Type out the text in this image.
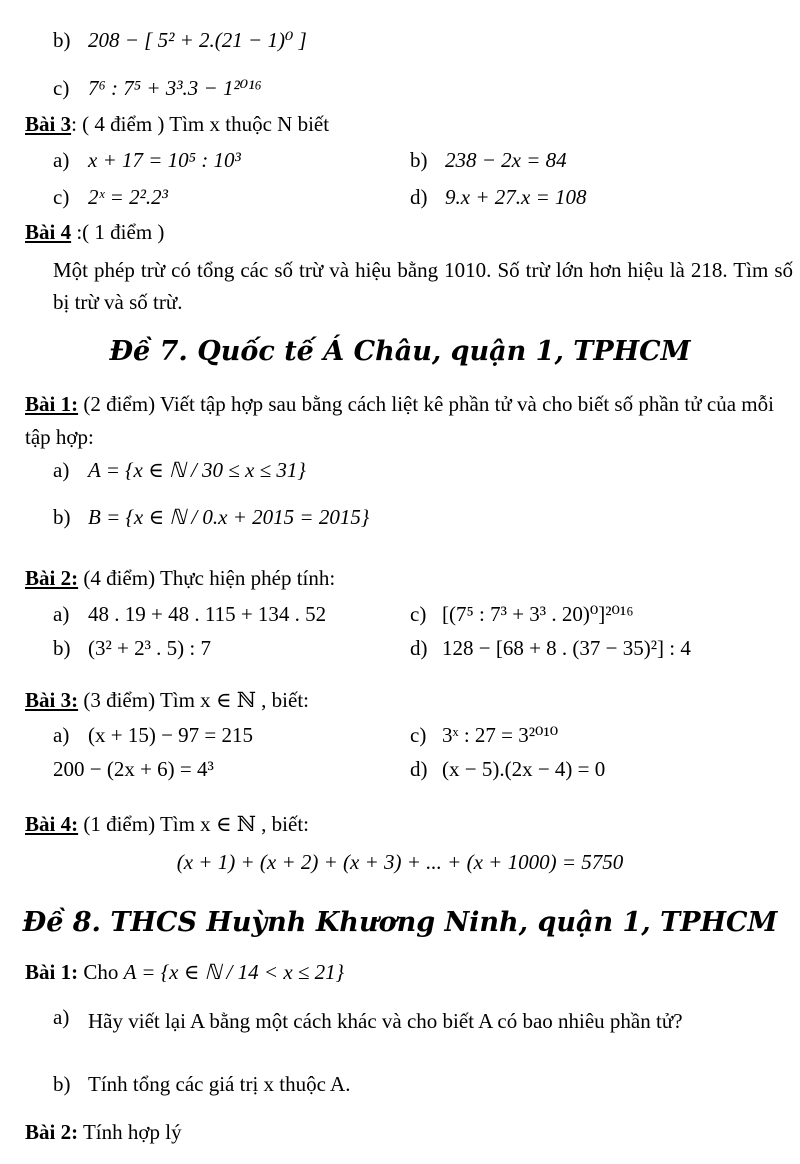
b) 208 − [ 5² + 2.(21 − 1)⁰ ]
c) 7⁶ : 7⁵ + 3³.3 − 1²⁰¹⁶
Bài 3: ( 4 điểm ) Tìm x thuộc N biết
a) x + 17 = 10⁵ : 10³	b) 238 − 2x = 84
c) 2ˣ = 2².2³	d) 9.x + 27.x = 108
Bài 4 :( 1 điểm )
Một phép trừ có tổng các số trừ và hiệu bằng 1010. Số trừ lớn hơn hiệu là 218. Tìm số bị trừ và số trừ.
Đề 7. Quốc tế Á Châu, quận 1, TPHCM
Bài 1: (2 điểm) Viết tập hợp sau bằng cách liệt kê phần tử và cho biết số phần tử của mỗi tập hợp:
a) A = {x ∈ ℕ / 30 ≤ x ≤ 31}
b) B = {x ∈ ℕ / 0.x + 2015 = 2015}
Bài 2: (4 điểm) Thực hiện phép tính:
a) 48 . 19 + 48 . 115 + 134 . 52	c) [(7⁵ : 7³ + 3³ . 20)⁰]²⁰¹⁶
b) (3² + 2³ . 5) : 7	d) 128 − [68 + 8 . (37 − 35)²] : 4
Bài 3: (3 điểm) Tìm x ∈ ℕ , biết:
a) (x + 15) − 97 = 215	c) 3ˣ : 27 = 3²⁰¹⁰
200 − (2x + 6) = 4³	d) (x − 5).(2x − 4) = 0
Bài 4: (1 điểm) Tìm x ∈ ℕ , biết:
(x + 1) + (x + 2) + (x + 3) + ... + (x + 1000) = 5750
Đề 8. THCS Huỳnh Khương Ninh, quận 1, TPHCM
Bài 1: Cho A = {x ∈ ℕ / 14 < x ≤ 21}
a) Hãy viết lại A bằng một cách khác và cho biết A có bao nhiêu phần tử?
b) Tính tổng các giá trị x thuộc A.
Bài 2: Tính hợp lý
